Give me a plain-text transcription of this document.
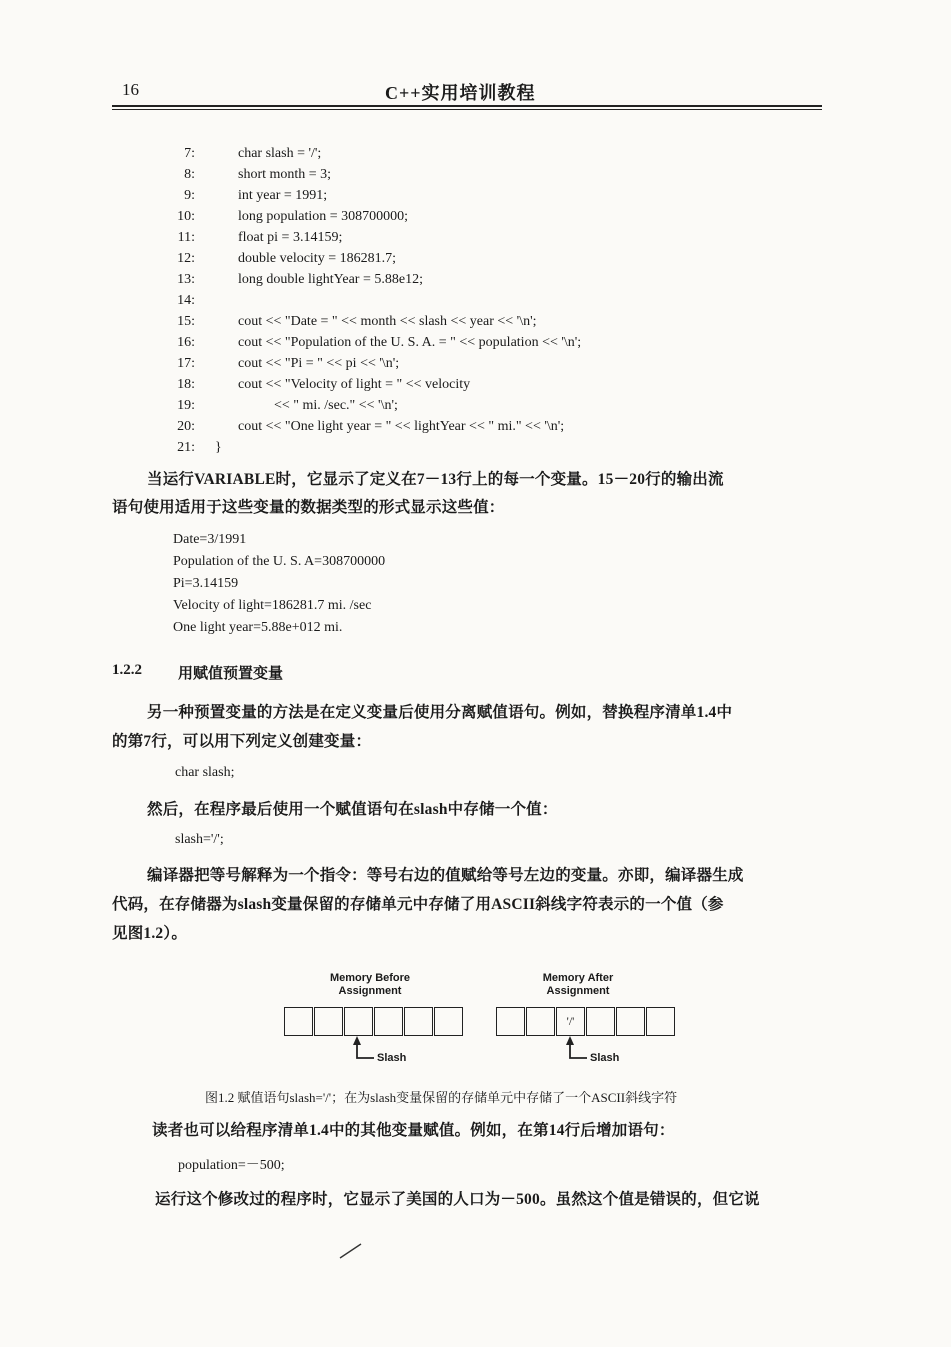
16	C++实用培训教程
7:	char slash = '/';
8:	short month = 3;
9:	int year = 1991;
10:	long population = 308700000;
11:	float pi = 3.14159;
12:	double velocity = 186281.7;
13:	long double lightYear = 5.88e12;
14:
15:	cout << "Date = " << month << slash << year << '\n';
16:	cout << "Population of the U. S. A. = " << population << '\n';
17:	cout << "Pi = " << pi << '\n';
18:	cout << "Velocity of light = " << velocity
19:	<< " mi. /sec." << '\n';
20:	cout << "One light year = " << lightYear << " mi." << '\n';
21: }
当运行VARIABLE时，它显示了定义在7－13行上的每一个变量。15－20行的输出流
语句使用适用于这些变量的数据类型的形式显示这些值：
Date=3/1991
Population of the U. S. A=308700000
Pi=3.14159
Velocity of light=186281.7 mi. /sec
One light year=5.88e+012 mi.
1.2.2 用赋值预置变量
另一种预置变量的方法是在定义变量后使用分离赋值语句。例如，替换程序清单1.4中
的第7行，可以用下列定义创建变量：
char slash;
然后，在程序最后使用一个赋值语句在slash中存储一个值：
slash='/';
编译器把等号解释为一个指令：等号右边的值赋给等号左边的变量。亦即，编译器生成
代码，在存储器为slash变量保留的存储单元中存储了用ASCII斜线字符表示的一个值（参
见图1.2）。
Memory Before
Assignment
Memory After
Assignment
'/'
Slash	Slash
图1.2 赋值语句slash='/'；在为slash变量保留的存储单元中存储了一个ASCII斜线字符
读者也可以给程序清单1.4中的其他变量赋值。例如，在第14行后增加语句：
population=－500;
运行这个修改过的程序时，它显示了美国的人口为－500。虽然这个值是错误的，但它说
